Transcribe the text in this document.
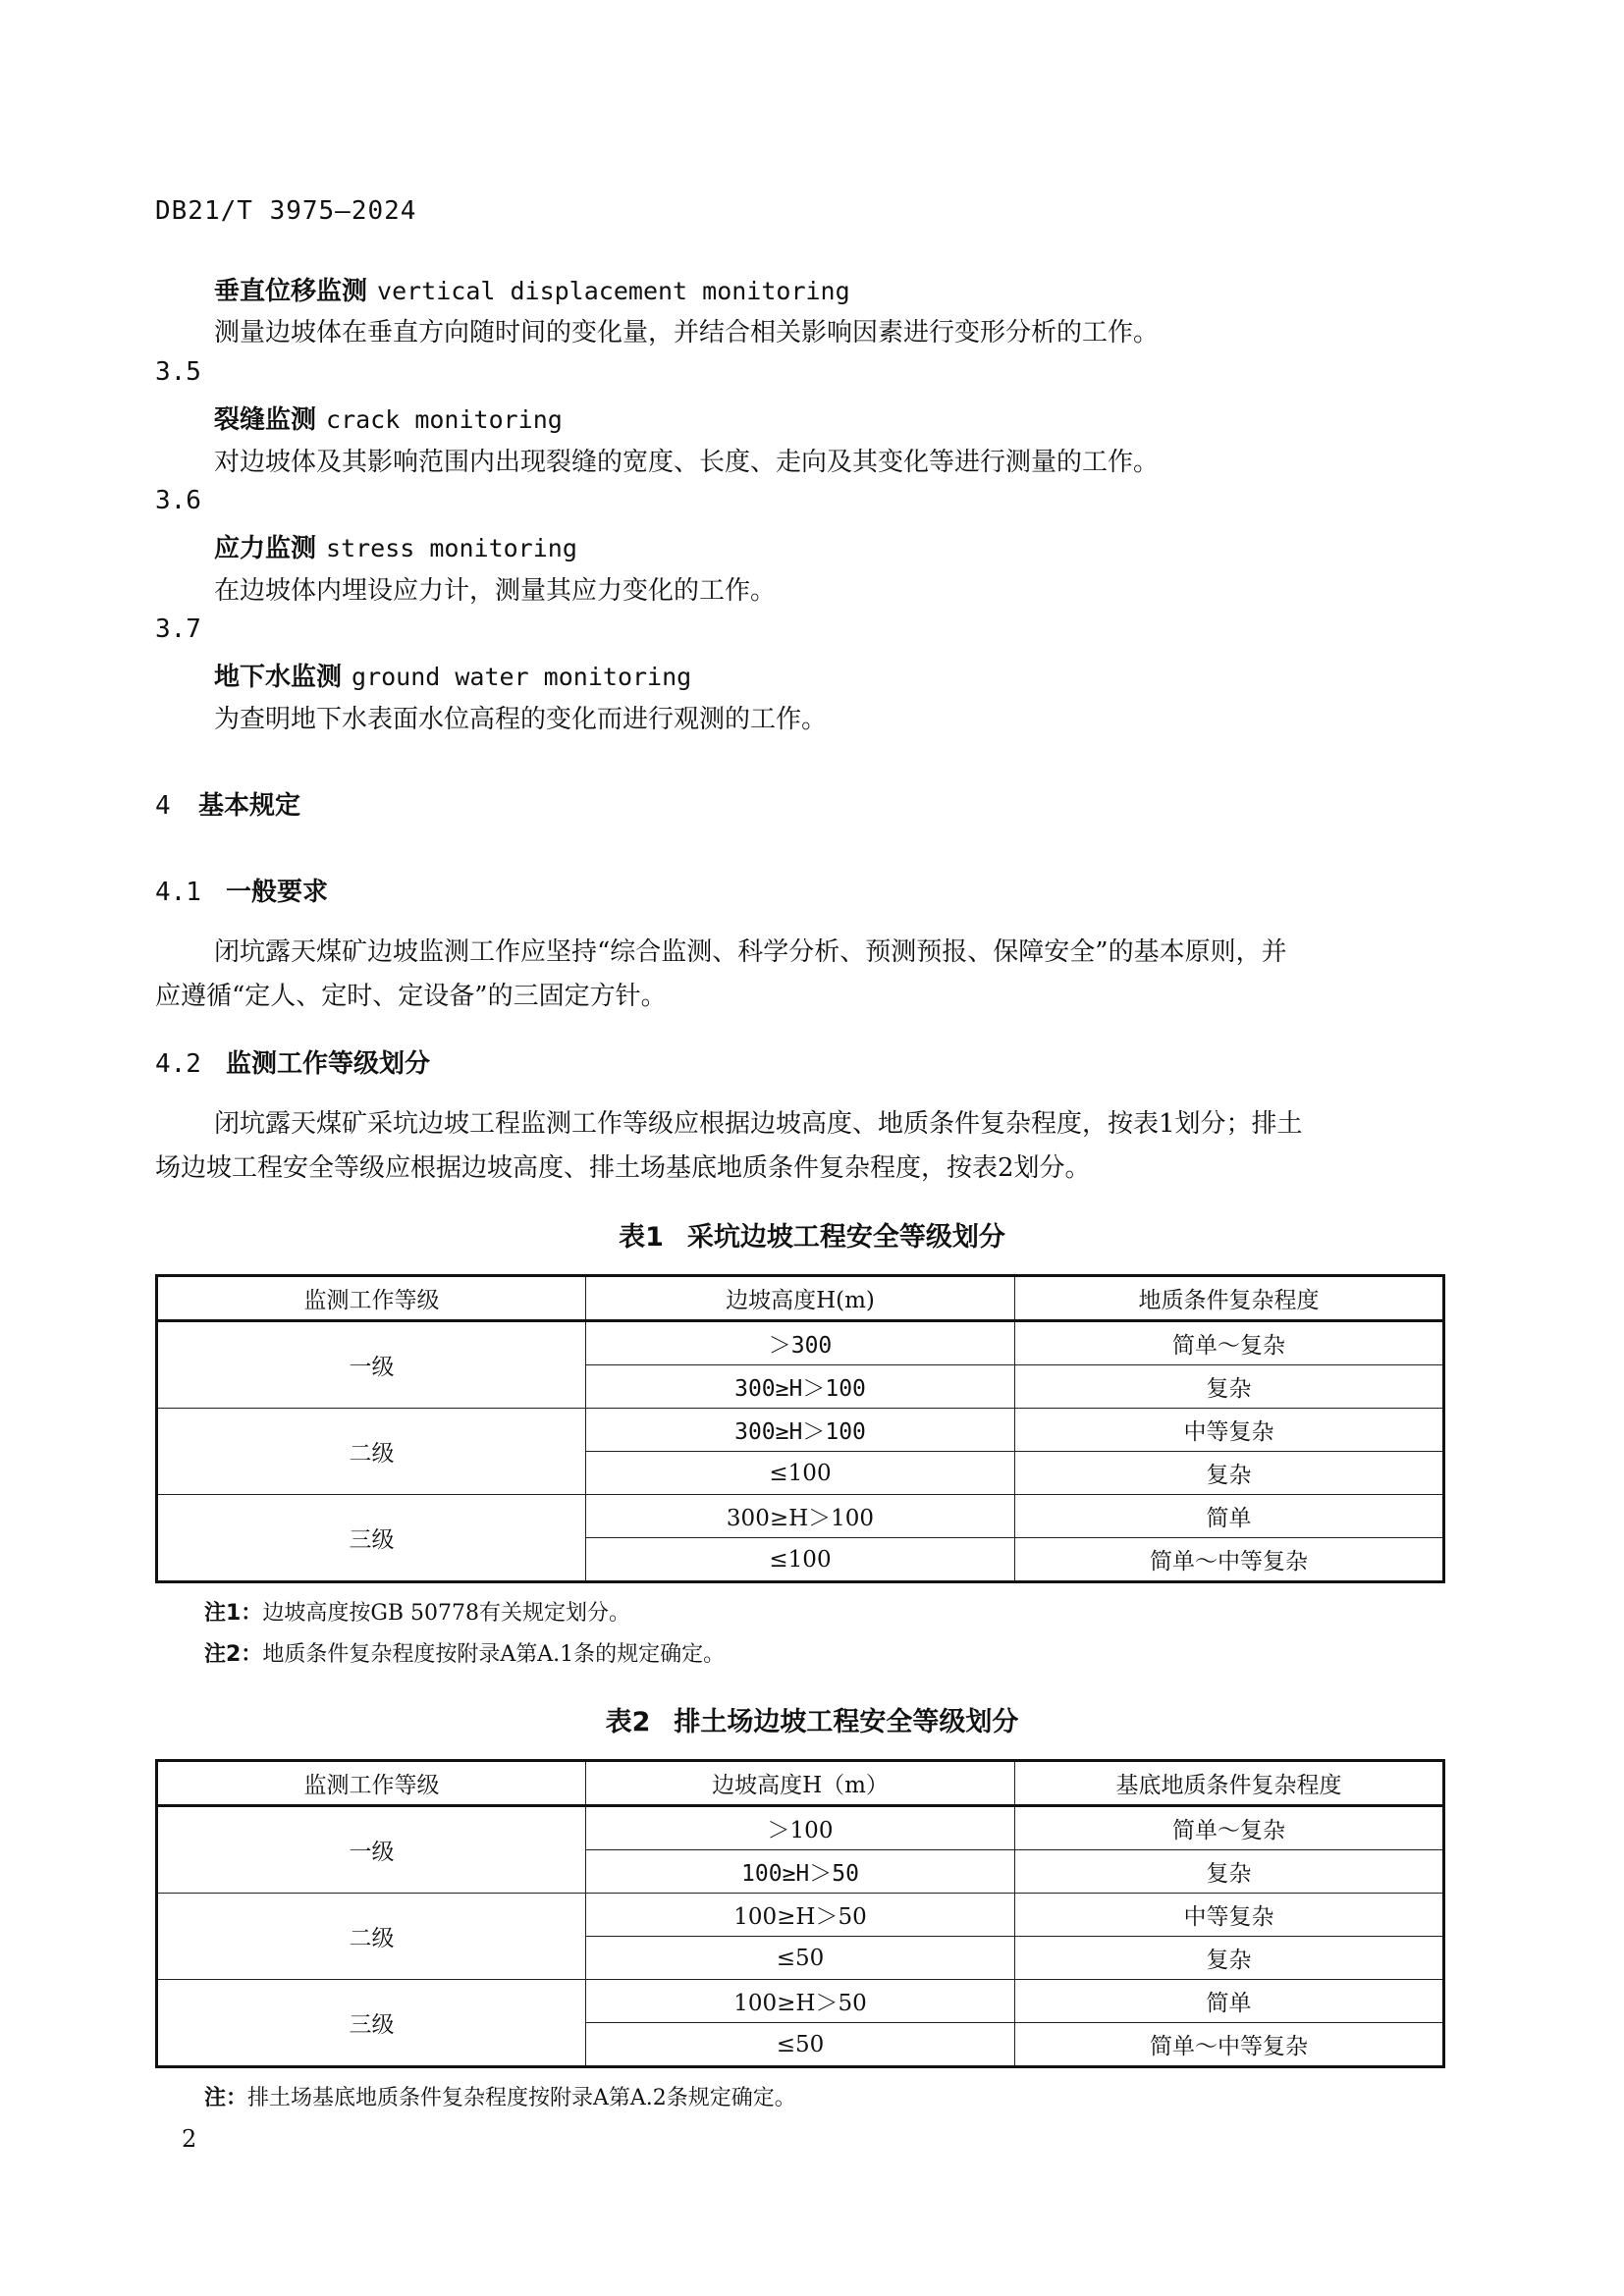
DB21/T 3975—2024
垂直位移监测 vertical displacement monitoring
测量边坡体在垂直方向随时间的变化量，并结合相关影响因素进行变形分析的工作。
3.5
裂缝监测 crack monitoring
对边坡体及其影响范围内出现裂缝的宽度、长度、走向及其变化等进行测量的工作。
3.6
应力监测 stress monitoring
在边坡体内埋设应力计，测量其应力变化的工作。
3.7
地下水监测 ground water monitoring
为查明地下水表面水位高程的变化而进行观测的工作。
4 基本规定
4.1 一般要求
闭坑露天煤矿边坡监测工作应坚持“综合监测、科学分析、预测预报、保障安全”的基本原则，并
应遵循“定人、定时、定设备”的三固定方针。
4.2 监测工作等级划分
闭坑露天煤矿采坑边坡工程监测工作等级应根据边坡高度、地质条件复杂程度，按表1划分；排土
场边坡工程安全等级应根据边坡高度、排土场基底地质条件复杂程度，按表2划分。
表1 采坑边坡工程安全等级划分
监测工作等级	边坡高度H(m)	地质条件复杂程度
一级	＞300	简单～复杂
	300≥H＞100	复杂
二级	300≥H＞100	中等复杂
	≤100	复杂
三级	300≥H＞100	简单
	≤100	简单～中等复杂
注1：边坡高度按GB 50778有关规定划分。
注2：地质条件复杂程度按附录A第A.1条的规定确定。
表2 排土场边坡工程安全等级划分
监测工作等级	边坡高度H（m）	基底地质条件复杂程度
一级	＞100	简单～复杂
	100≥H＞50	复杂
二级	100≥H＞50	中等复杂
	≤50	复杂
三级	100≥H＞50	简单
	≤50	简单～中等复杂
注：排土场基底地质条件复杂程度按附录A第A.2条规定确定。
2
